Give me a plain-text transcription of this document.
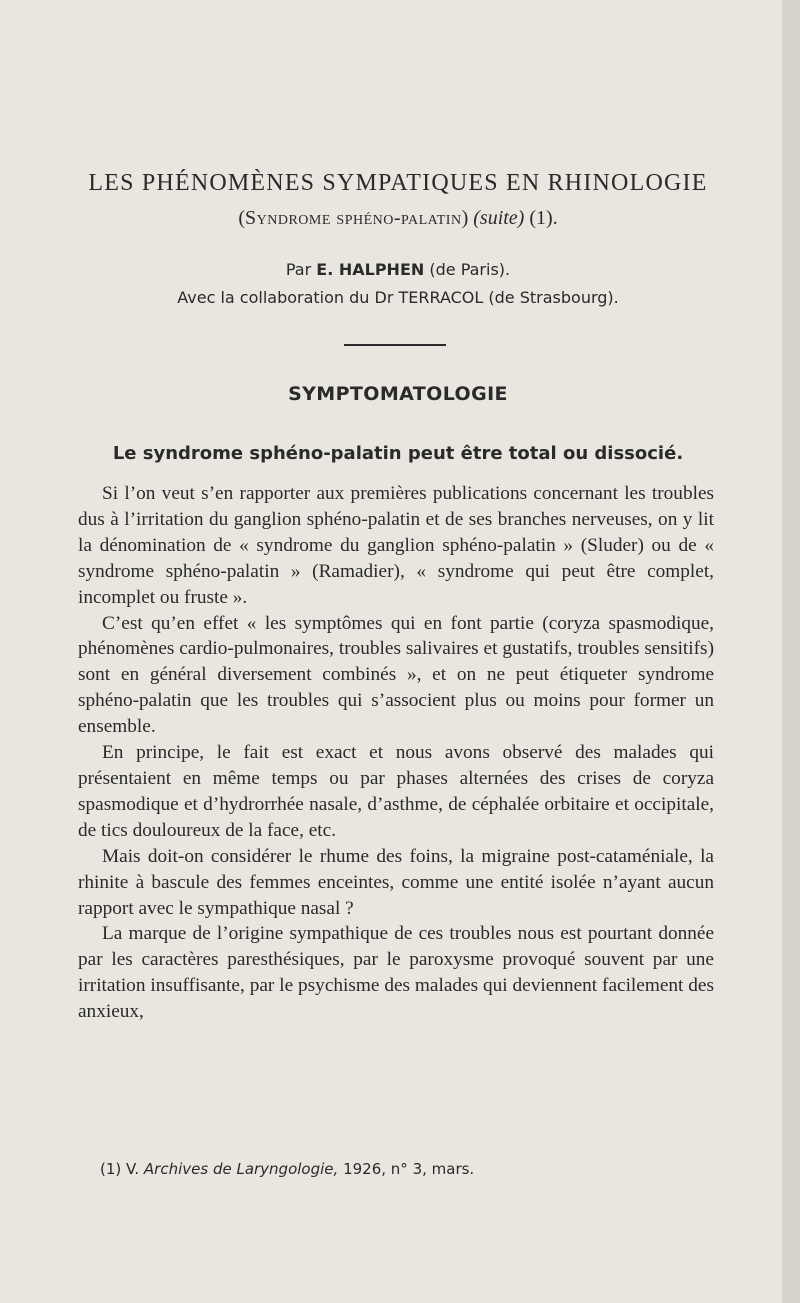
LES PHÉNOMÈNES SYMPATIQUES EN RHINOLOGIE
(Syndrome sphéno-palatin) (suite) (1).
Par E. HALPHEN (de Paris).
Avec la collaboration du Dr TERRACOL (de Strasbourg).
SYMPTOMATOLOGIE
Le syndrome sphéno-palatin peut être total ou dissocié.

Si l’on veut s’en rapporter aux premières publications concernant les troubles dus à l’irritation du ganglion sphéno-palatin et de ses branches nerveuses, on y lit la dénomination de « syndrome du ganglion sphéno-palatin » (Sluder) ou de « syndrome sphéno-palatin » (Ramadier), « syndrome qui peut être complet, incomplet ou fruste ».

C’est qu’en effet « les symptômes qui en font partie (coryza spasmodique, phénomènes cardio-pulmonaires, troubles salivaires et gustatifs, troubles sensitifs) sont en général diversement combinés », et on ne peut étiqueter syndrome sphéno-palatin que les troubles qui s’associent plus ou moins pour former un ensemble.

En principe, le fait est exact et nous avons observé des malades qui présentaient en même temps ou par phases alternées des crises de coryza spasmodique et d’hydrorrhée nasale, d’asthme, de céphalée orbitaire et occipitale, de tics douloureux de la face, etc.

Mais doit-on considérer le rhume des foins, la migraine post-cataméniale, la rhinite à bascule des femmes enceintes, comme une entité isolée n’ayant aucun rapport avec le sympathique nasal ?

La marque de l’origine sympathique de ces troubles nous est pourtant donnée par les caractères paresthésiques, par le paroxysme provoqué souvent par une irritation insuffisante, par le psychisme des malades qui deviennent facilement des anxieux,

(1) V. Archives de Laryngologie, 1926, n° 3, mars.
